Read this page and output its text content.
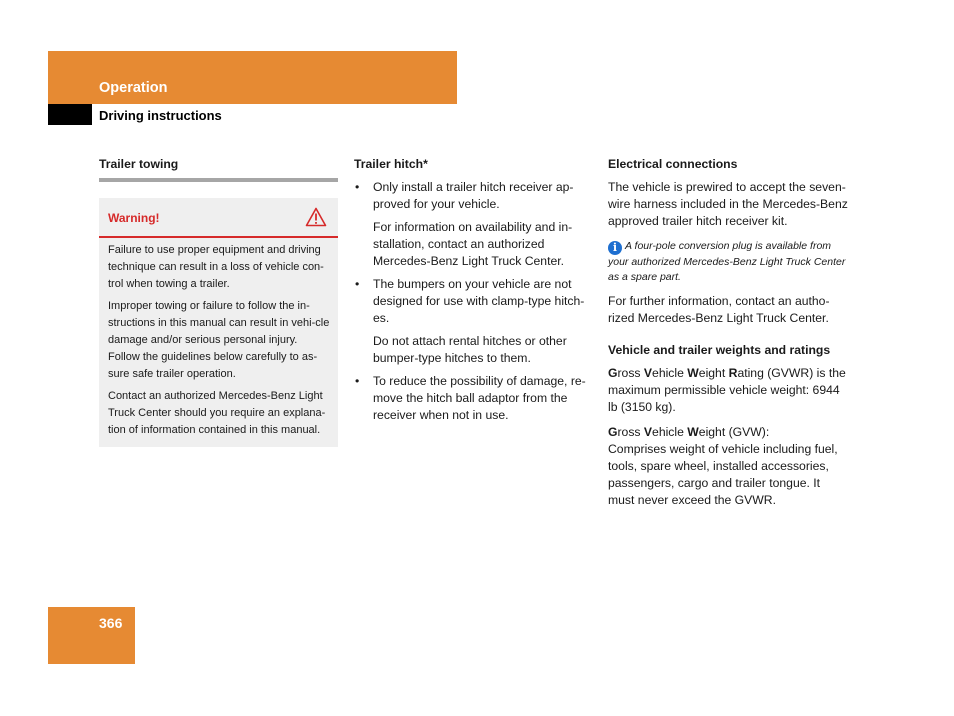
Operation
Driving instructions
Trailer towing
Warning!

Failure to use proper equipment and driving technique can result in a loss of vehicle con-trol when towing a trailer.

Improper towing or failure to follow the in-structions in this manual can result in vehi-cle damage and/or serious personal injury. Follow the guidelines below carefully to as-sure safe trailer operation.

Contact an authorized Mercedes-Benz Light Truck Center should you require an explana-tion of information contained in this manual.

Trailer hitch*
• Only install a trailer hitch receiver ap-proved for your vehicle.

For information on availability and in-stallation, contact an authorized Mercedes-Benz Light Truck Center.

• The bumpers on your vehicle are not designed for use with clamp-type hitch-es.

Do not attach rental hitches or other bumper-type hitches to them.

• To reduce the possibility of damage, re-move the hitch ball adaptor from the receiver when not in use.

Electrical connections

The vehicle is prewired to accept the seven-wire harness included in the Mercedes-Benz approved trailer hitch receiver kit.

i A four-pole conversion plug is available from your authorized Mercedes-Benz Light Truck Center as a spare part.

For further information, contact an autho-rized Mercedes-Benz Light Truck Center.

Vehicle and trailer weights and ratings

Gross Vehicle Weight Rating (GVWR) is the maximum permissible vehicle weight: 6944 lb (3150 kg).

Gross Vehicle Weight (GVW):
Comprises weight of vehicle including fuel, tools, spare wheel, installed accessories, passengers, cargo and trailer tongue. It must never exceed the GVWR.

366
